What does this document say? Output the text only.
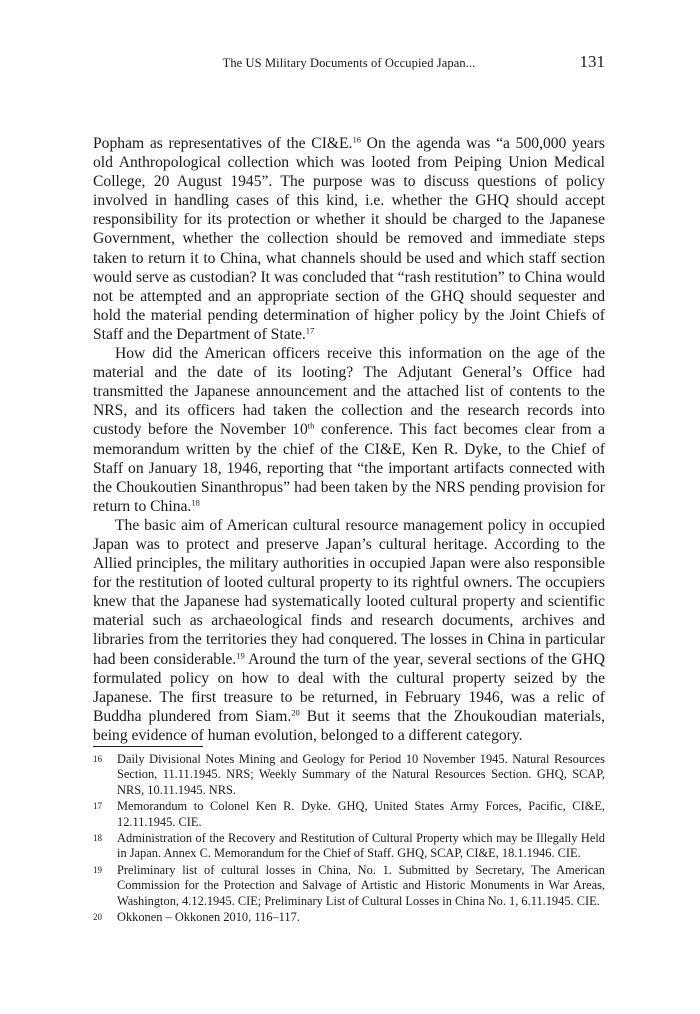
The US Military Documents of Occupied Japan...	131

Popham as representatives of the CI&E.$^{16}$ On the agenda was “a 500,000 years old Anthropological collection which was looted from Peiping Union Medical College, 20 August 1945”. The purpose was to discuss questions of policy involved in handling cases of this kind, i.e. whether the GHQ should accept responsibility for its protection or whether it should be charged to the Japanese Government, whether the collection should be removed and immediate steps taken to return it to China, what channels should be used and which staff section would serve as custodian? It was concluded that “rash restitution” to China would not be attempted and an appropriate section of the GHQ should sequester and hold the material pending determination of higher policy by the Joint Chiefs of Staff and the Department of State.$^{17}$

How did the American officers receive this information on the age of the material and the date of its looting? The Adjutant General’s Office had transmitted the Japanese announcement and the attached list of contents to the NRS, and its officers had taken the collection and the research records into custody before the November 10th conference. This fact becomes clear from a memorandum written by the chief of the CI&E, Ken R. Dyke, to the Chief of Staff on January 18, 1946, reporting that “the important artifacts connected with the Choukoutien Sinanthropus” had been taken by the NRS pending provision for return to China.$^{18}$

The basic aim of American cultural resource management policy in occupied Japan was to protect and preserve Japan’s cultural heritage. According to the Allied principles, the military authorities in occupied Japan were also responsible for the restitution of looted cultural property to its rightful owners. The occupiers knew that the Japanese had systematically looted cultural property and scientific material such as archaeological finds and research documents, archives and libraries from the territories they had conquered. The losses in China in particular had been considerable.$^{19}$ Around the turn of the year, several sections of the GHQ formulated policy on how to deal with the cultural property seized by the Japanese. The first treasure to be returned, in February 1946, was a relic of Buddha plundered from Siam.$^{20}$ But it seems that the Zhoukoudian materials, being evidence of human evolution, belonged to a different category.

16 Daily Divisional Notes Mining and Geology for Period 10 November 1945. Natural Resources Section, 11.11.1945. NRS; Weekly Summary of the Natural Resources Section. GHQ, SCAP, NRS, 10.11.1945. NRS.
17 Memorandum to Colonel Ken R. Dyke. GHQ, United States Army Forces, Pacific, CI&E, 12.11.1945. CIE.
18 Administration of the Recovery and Restitution of Cultural Property which may be Illegally Held in Japan. Annex C. Memorandum for the Chief of Staff. GHQ, SCAP, CI&E, 18.1.1946. CIE.
19 Preliminary list of cultural losses in China, No. 1. Submitted by Secretary, The American Commission for the Protection and Salvage of Artistic and Historic Monuments in War Areas, Washington, 4.12.1945. CIE; Preliminary List of Cultural Losses in China No. 1, 6.11.1945. CIE.
20 Okkonen – Okkonen 2010, 116–117.
